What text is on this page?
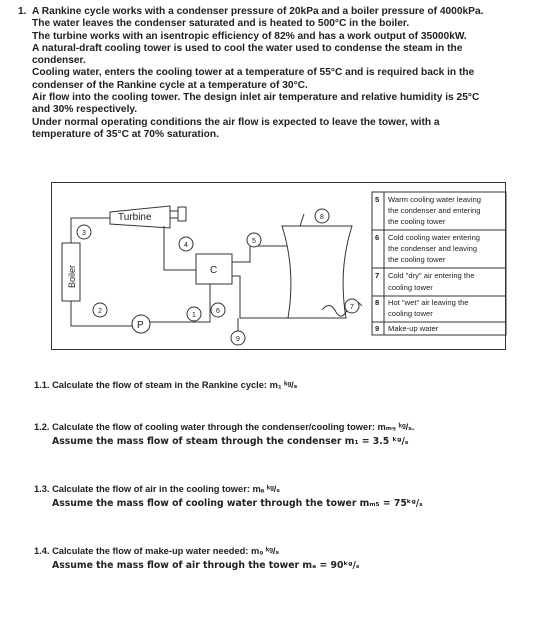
1. A Rankine cycle works with a condenser pressure of 20kPa and a boiler pressure of 4000kPa.

The water leaves the condenser saturated and is heated to 500°C in the boiler.

The turbine works with an isentropic efficiency of 82% and has a work output of 35000kW.

A natural-draft cooling tower is used to cool the water used to condense the steam in the

condenser.

Cooling water, enters the cooling tower at a temperature of 55°C and is required back in the

condenser of the Rankine cycle at a temperature of 30°C.

Air flow into the cooling tower. The design inlet air temperature and relative humidity is 25°C

and 30% respectively.

Under normal operating conditions the air flow is expected to leave the tower, with a

temperature of 35°C at 70% saturation.

P
Turbine
Boiler	C
1
2
3
4
5
6
7
8
9
5 Warm cooling water leaving
the condenser and entering
the cooling tower
6 Cold cooling water entering
the condenser and leaving
the cooling tower
7 Cold "dry" air entering the
cooling tower
8 Hot "wet" air leaving the
cooling tower
9 Make-up water
1.1. Calculate the flow of steam in the Rankine cycle: m₁ ᵏᵍ/ₛ
1.2. Calculate the flow of cooling water through the condenser/cooling tower: mₘ₅ ᵏᵍ/ₛ.
Assume the mass flow of steam through the condenser m₁ = 3.5 ᵏᵍ/ₛ
1.3. Calculate the flow of air in the cooling tower: mₐ ᵏᵍ/ₛ
Assume the mass flow of cooling water through the tower mₘ₅ = 75ᵏᵍ/ₛ
1.4. Calculate the flow of make-up water needed: m₉ ᵏᵍ/ₛ
Assume the mass flow of air through the tower mₐ = 90ᵏᵍ/ₛ
